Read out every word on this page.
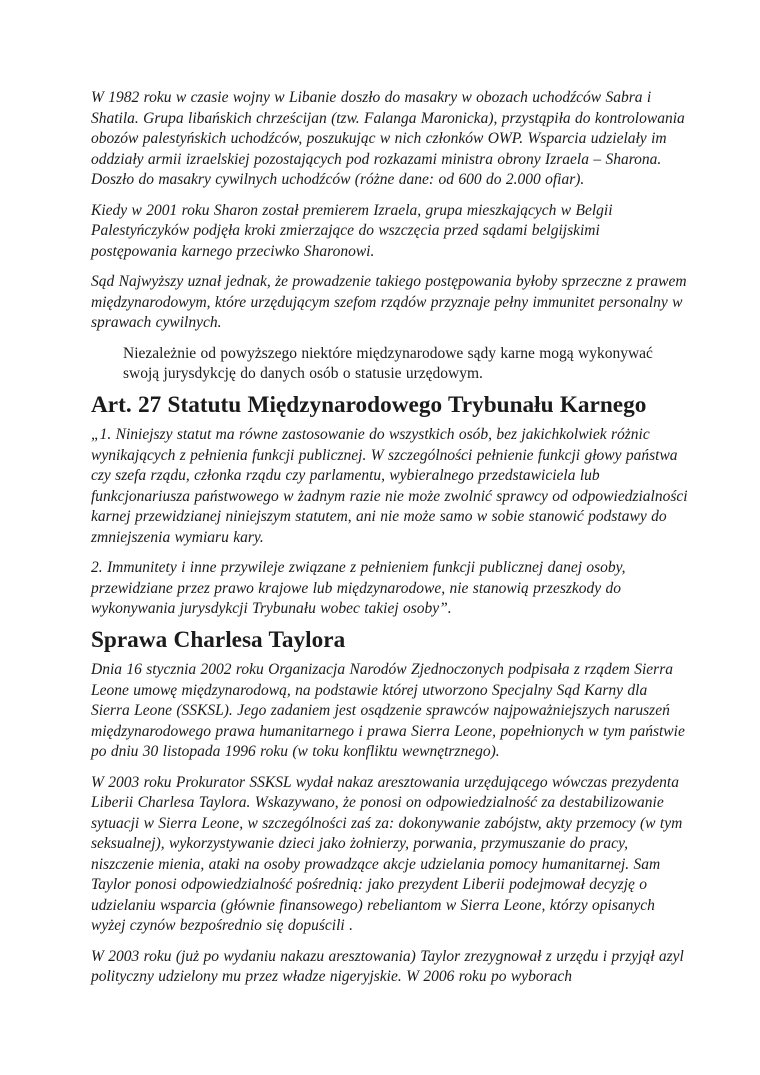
W 1982 roku w czasie wojny w Libanie doszło do masakry w obozach uchodźców Sabra i Shatila. Grupa libańskich chrześcijan (tzw. Falanga Maronicka), przystąpiła do kontrolowania obozów palestyńskich uchodźców, poszukując w nich członków OWP. Wsparcia udzielały im oddziały armii izraelskiej pozostających pod rozkazami ministra obrony Izraela – Sharona. Doszło do masakry cywilnych uchodźców (różne dane: od 600 do 2.000 ofiar).

Kiedy w 2001 roku Sharon został premierem Izraela, grupa mieszkających w Belgii Palestyńczyków podjęła kroki zmierzające do wszczęcia przed sądami belgijskimi postępowania karnego przeciwko Sharonowi.

Sąd Najwyższy uznał jednak, że prowadzenie takiego postępowania byłoby sprzeczne z prawem międzynarodowym, które urzędującym szefom rządów przyznaje pełny immunitet personalny w sprawach cywilnych.

Niezależnie od powyższego niektóre międzynarodowe sądy karne mogą wykonywać swoją jurysdykcję do danych osób o statusie urzędowym.

Art. 27 Statutu Międzynarodowego Trybunału Karnego

„1. Niniejszy statut ma równe zastosowanie do wszystkich osób, bez jakichkolwiek różnic wynikających z pełnienia funkcji publicznej. W szczególności pełnienie funkcji głowy państwa czy szefa rządu, członka rządu czy parlamentu, wybieralnego przedstawiciela lub funkcjonariusza państwowego w żadnym razie nie może zwolnić sprawcy od odpowiedzialności karnej przewidzianej niniejszym statutem, ani nie może samo w sobie stanowić podstawy do zmniejszenia wymiaru kary.

2. Immunitety i inne przywileje związane z pełnieniem funkcji publicznej danej osoby, przewidziane przez prawo krajowe lub międzynarodowe, nie stanowią przeszkody do wykonywania jurysdykcji Trybunału wobec takiej osoby”.

Sprawa Charlesa Taylora

Dnia 16 stycznia 2002 roku Organizacja Narodów Zjednoczonych podpisała z rządem Sierra Leone umowę międzynarodową, na podstawie której utworzono Specjalny Sąd Karny dla Sierra Leone (SSKSL). Jego zadaniem jest osądzenie sprawców najpoważniejszych naruszeń międzynarodowego prawa humanitarnego i prawa Sierra Leone, popełnionych w tym państwie po dniu 30 listopada 1996 roku (w toku konfliktu wewnętrznego).

W 2003 roku Prokurator SSKSL wydał nakaz aresztowania urzędującego wówczas prezydenta Liberii Charlesa Taylora. Wskazywano, że ponosi on odpowiedzialność za destabilizowanie sytuacji w Sierra Leone, w szczególności zaś za: dokonywanie zabójstw, akty przemocy (w tym seksualnej), wykorzystywanie dzieci jako żołnierzy, porwania, przymuszanie do pracy, niszczenie mienia, ataki na osoby prowadzące akcje udzielania pomocy humanitarnej. Sam Taylor ponosi odpowiedzialność pośrednią: jako prezydent Liberii podejmował decyzję o udzielaniu wsparcia (głównie finansowego) rebeliantom w Sierra Leone, którzy opisanych wyżej czynów bezpośrednio się dopuścili .

W 2003 roku (już po wydaniu nakazu aresztowania) Taylor zrezygnował z urzędu i przyjął azyl polityczny udzielony mu przez władze nigeryjskie. W 2006 roku po wyborach
